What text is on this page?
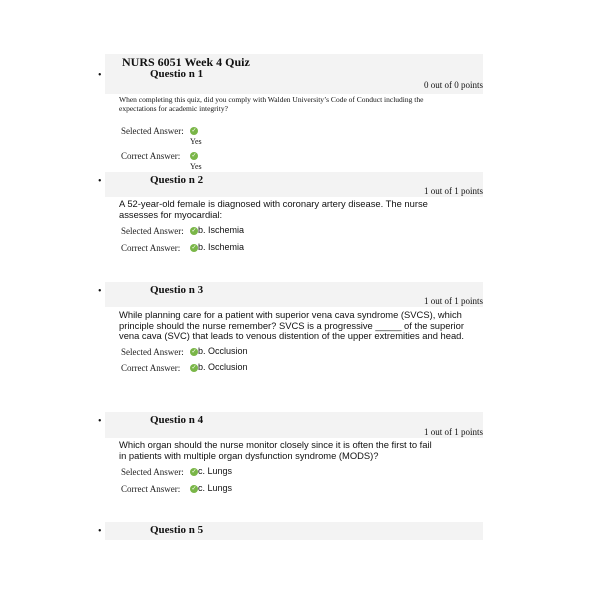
NURS 6051 Week 4 Quiz
•	Questio n 1
0 out of 0 points
When completing this quiz, did you comply with Walden University’s Code of Conduct including the expectations for academic integrity?
Selected Answer: ✓
Yes
Correct Answer: ✓
Yes
•	Questio n 2
1 out of 1 points
A 52-year-old female is diagnosed with coronary artery disease. The nurse assesses for myocardial:
Selected Answer: ✓b. Ischemia
Correct Answer: ✓b. Ischemia
•	Questio n 3
1 out of 1 points
While planning care for a patient with superior vena cava syndrome (SVCS), which principle should the nurse remember? SVCS is a progressive _____ of the superior vena cava (SVC) that leads to venous distention of the upper extremities and head.
Selected Answer: ✓b. Occlusion
Correct Answer: ✓b. Occlusion
•	Questio n 4
1 out of 1 points
Which organ should the nurse monitor closely since it is often the first to fail in patients with multiple organ dysfunction syndrome (MODS)?
Selected Answer: ✓c. Lungs
Correct Answer: ✓c. Lungs
•	Questio n 5
